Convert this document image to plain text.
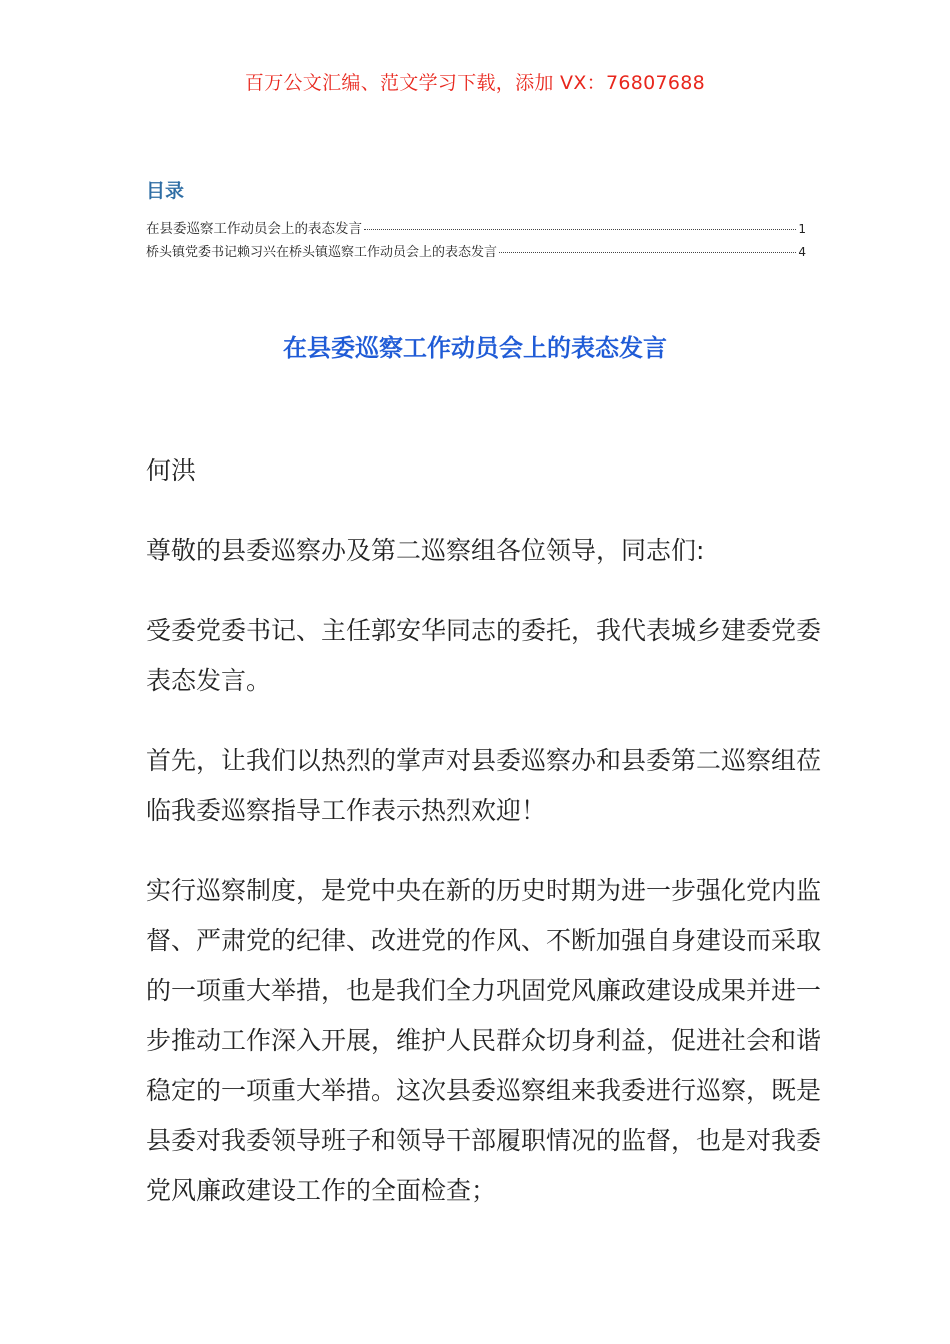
百万公文汇编、范文学习下载，添加 VX：76807688
目录
在县委巡察工作动员会上的表态发言	1
桥头镇党委书记赖习兴在桥头镇巡察工作动员会上的表态发言	4
在县委巡察工作动员会上的表态发言

何洪

尊敬的县委巡察办及第二巡察组各位领导，同志们:

受委党委书记、主任郭安华同志的委托，我代表城乡建委党委表态发言。

首先，让我们以热烈的掌声对县委巡察办和县委第二巡察组莅临我委巡察指导工作表示热烈欢迎！

实行巡察制度，是党中央在新的历史时期为进一步强化党内监督、严肃党的纪律、改进党的作风、不断加强自身建设而采取的一项重大举措，也是我们全力巩固党风廉政建设成果并进一步推动工作深入开展，维护人民群众切身利益，促进社会和谐稳定的一项重大举措。这次县委巡察组来我委进行巡察，既是县委对我委领导班子和领导干部履职情况的监督，也是对我委党风廉政建设工作的全面检查；
